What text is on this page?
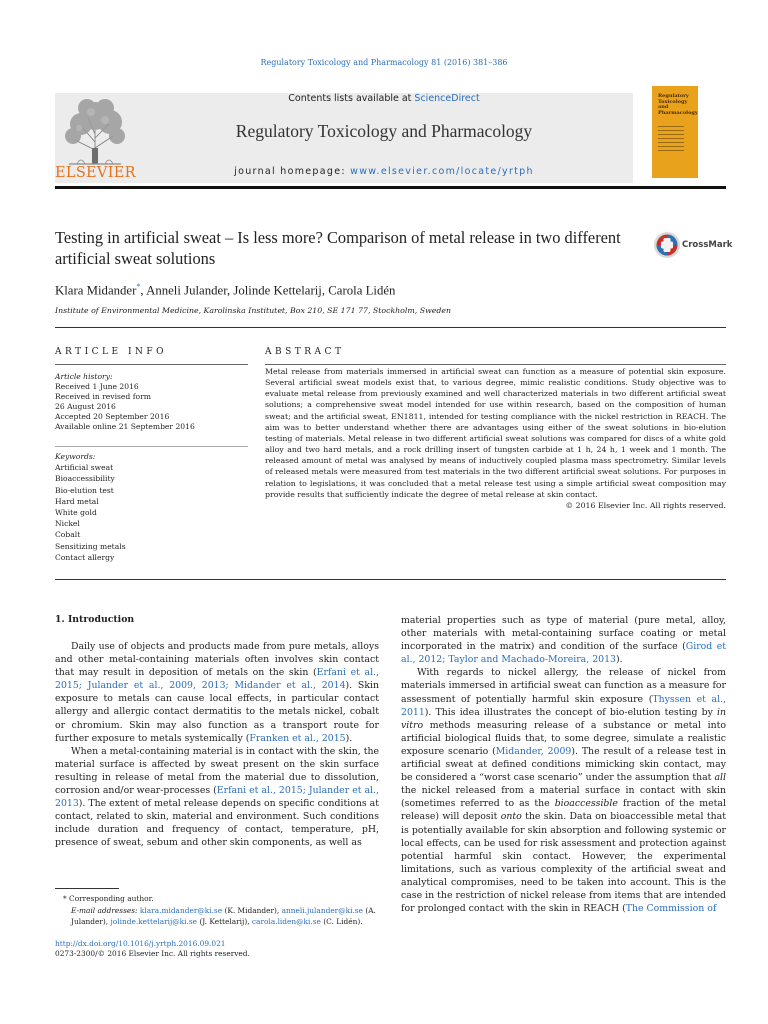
Regulatory Toxicology and Pharmacology 81 (2016) 381–386
ELSEVIER
Contents lists available at ScienceDirect
Regulatory Toxicology and Pharmacology
journal homepage: www.elsevier.com/locate/yrtph
Regulatory Toxicology and Pharmacology
Testing in artificial sweat – Is less more? Comparison of metal release in two different artificial sweat solutions
CrossMark
Klara Midander*, Anneli Julander, Jolinde Kettelarij, Carola Lidén
Institute of Environmental Medicine, Karolinska Institutet, Box 210, SE 171 77, Stockholm, Sweden
ARTICLE INFO	ABSTRACT
Article history:
Received 1 June 2016
Received in revised form
26 August 2016
Accepted 20 September 2016
Available online 21 September 2016
Keywords:
Artificial sweat
Bioaccessibility
Bio-elution test
Hard metal
White gold
Nickel
Cobalt
Sensitizing metals
Contact allergy
Metal release from materials immersed in artificial sweat can function as a measure of potential skin exposure. Several artificial sweat models exist that, to various degree, mimic realistic conditions. Study objective was to evaluate metal release from previously examined and well characterized materials in two different artificial sweat solutions; a comprehensive sweat model intended for use within research, based on the composition of human sweat; and the artificial sweat, EN1811, intended for testing compliance with the nickel restriction in REACH. The aim was to better understand whether there are advantages using either of the sweat solutions in bio-elution testing of materials. Metal release in two different artificial sweat solutions was compared for discs of a white gold alloy and two hard metals, and a rock drilling insert of tungsten carbide at 1 h, 24 h, 1 week and 1 month. The released amount of metal was analysed by means of inductively coupled plasma mass spectrometry. Similar levels of released metals were measured from test materials in the two different artificial sweat solutions. For purposes in relation to legislations, it was concluded that a metal release test using a simple artificial sweat composition may provide results that sufficiently indicate the degree of metal release at skin contact.
© 2016 Elsevier Inc. All rights reserved.
1. Introduction

Daily use of objects and products made from pure metals, alloys and other metal-containing materials often involves skin contact that may result in deposition of metals on the skin (Erfani et al., 2015; Julander et al., 2009, 2013; Midander et al., 2014). Skin exposure to metals can cause local effects, in particular contact allergy and allergic contact dermatitis to the metals nickel, cobalt or chromium. Skin may also function as a transport route for further exposure to metals systemically (Franken et al., 2015).

When a metal-containing material is in contact with the skin, the material surface is affected by sweat present on the skin surface resulting in release of metal from the material due to dissolution, corrosion and/or wear-processes (Erfani et al., 2015; Julander et al., 2013). The extent of metal release depends on specific conditions at contact, related to skin, material and environment. Such conditions include duration and frequency of contact, temperature, pH, presence of sweat, sebum and other skin components, as well as

material properties such as type of material (pure metal, alloy, other materials with metal-containing surface coating or metal incorporated in the matrix) and condition of the surface (Girod et al., 2012; Taylor and Machado-Moreira, 2013).

With regards to nickel allergy, the release of nickel from materials immersed in artificial sweat can function as a measure for assessment of potentially harmful skin exposure (Thyssen et al., 2011). This idea illustrates the concept of bio-elution testing by in vitro methods measuring release of a substance or metal into artificial biological fluids that, to some degree, simulate a realistic exposure scenario (Midander, 2009). The result of a release test in artificial sweat at defined conditions mimicking skin contact, may be considered a “worst case scenario” under the assumption that all the nickel released from a material surface in contact with skin (sometimes referred to as the bioaccessible fraction of the metal release) will deposit onto the skin. Data on bioaccessible metal that is potentially available for skin absorption and following systemic or local effects, can be used for risk assessment and protection against potential harmful skin contact. However, the experimental limitations, such as various complexity of the artificial sweat and analytical compromises, need to be taken into account. This is the case in the restriction of nickel release from items that are intended for prolonged contact with the skin in REACH (The Commission of

* Corresponding author.
E-mail addresses: klara.midander@ki.se (K. Midander), anneli.julander@ki.se (A. Julander), jolinde.kettelarij@ki.se (J. Kettelarij), carola.liden@ki.se (C. Lidén).
http://dx.doi.org/10.1016/j.yrtph.2016.09.021
0273-2300/© 2016 Elsevier Inc. All rights reserved.
